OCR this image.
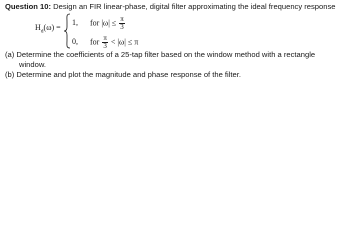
Question 10: Design an FIR linear-phase, digital filter approximating the ideal frequency response
$H_d(\omega)$ =
1, for $|\omega| \le \frac{\pi}{3}$
0, for $\frac{\pi}{3} < |\omega| \le \pi$
(a) Determine the coefficients of a 25-tap filter based on the window method with a rectangle
window.
(b) Determine and plot the magnitude and phase response of the filter.
